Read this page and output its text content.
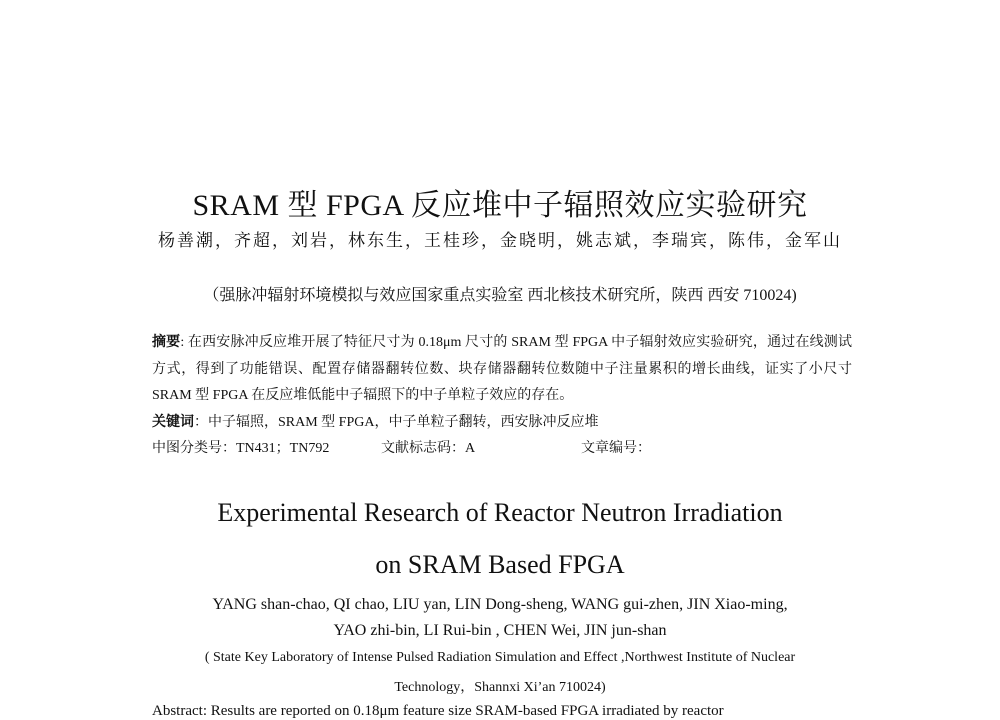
SRAM 型 FPGA 反应堆中子辐照效应实验研究
杨善潮，齐超，刘岩，林东生，王桂珍，金晓明，姚志斌，李瑞宾，陈伟，金军山
（强脉冲辐射环境模拟与效应国家重点实验室 西北核技术研究所，陕西 西安 710024)
摘要: 在西安脉冲反应堆开展了特征尺寸为 0.18μm 尺寸的 SRAM 型 FPGA 中子辐射效应实验研究，通过在线测试方式，得到了功能错误、配置存储器翻转位数、块存储器翻转位数随中子注量累积的增长曲线，证实了小尺寸 SRAM 型 FPGA 在反应堆低能中子辐照下的中子单粒子效应的存在。
关键词：中子辐照，SRAM 型 FPGA，中子单粒子翻转，西安脉冲反应堆
中图分类号：TN431；TN792	文献标志码：A	文章编号：
Experimental Research of Reactor Neutron Irradiation
on SRAM Based FPGA
YANG shan-chao, QI chao, LIU yan, LIN Dong-sheng, WANG gui-zhen, JIN Xiao-ming,
YAO zhi-bin, LI Rui-bin , CHEN Wei, JIN jun-shan
( State Key Laboratory of Intense Pulsed Radiation Simulation and Effect ,Northwest Institute of Nuclear
Technology，Shannxi Xi’an 710024)
Abstract: Results are reported on 0.18μm feature size SRAM-based FPGA irradiated by reactor
